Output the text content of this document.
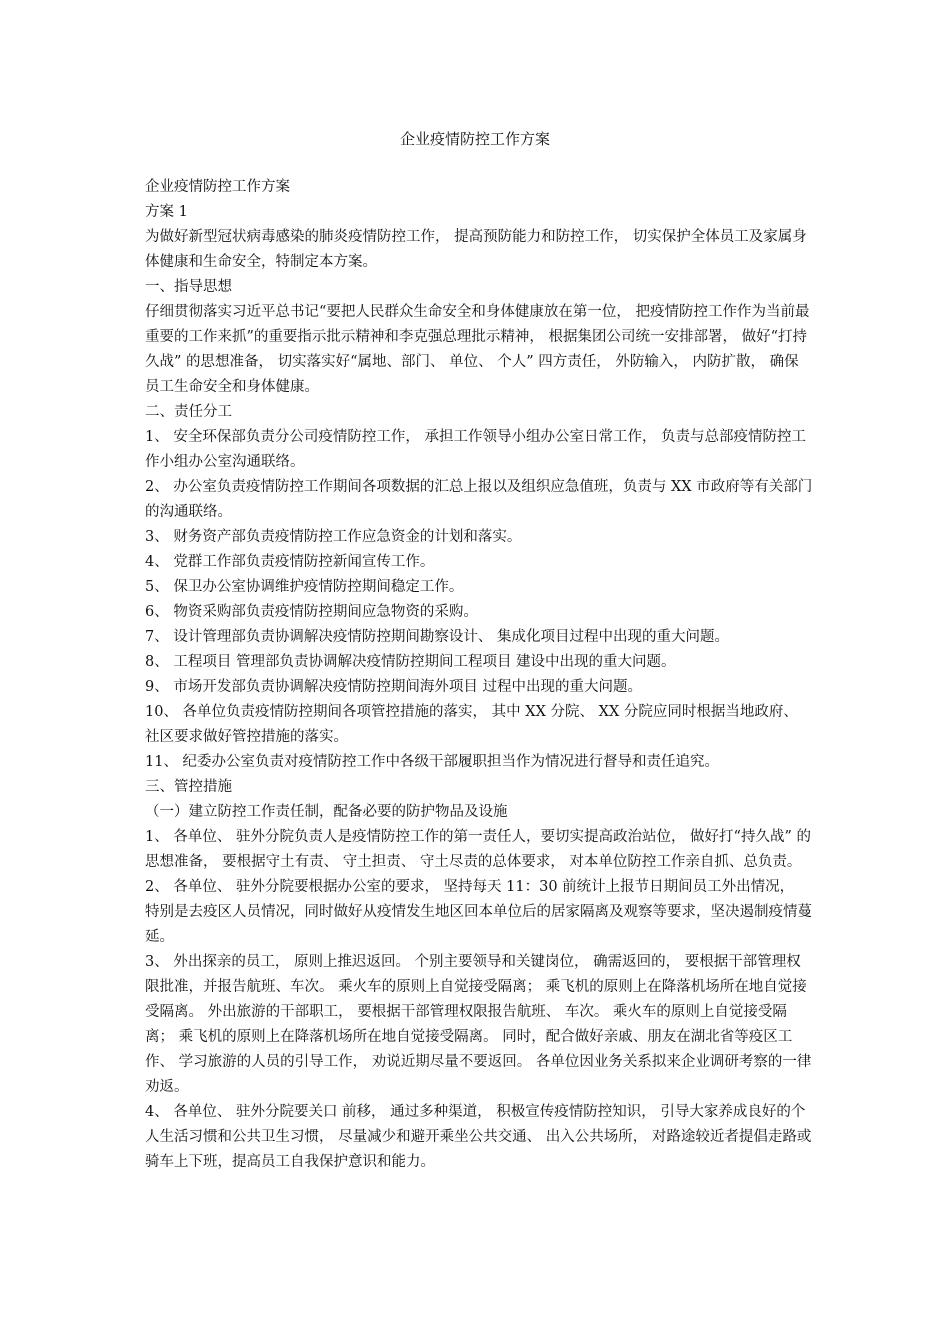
企业疫情防控工作方案

企业疫情防控工作方案

方案 1

为做好新型冠状病毒感染的肺炎疫情防控工作， 提高预防能力和防控工作， 切实保护全体员工及家属身体健康和生命安全，特制定本方案。

一、指导思想

仔细贯彻落实习近平总书记“要把人民群众生命安全和身体健康放在第一位， 把疫情防控工作作为当前最重要的工作来抓”的重要指示批示精神和李克强总理批示精神， 根据集团公司统一安排部署， 做好“打持久战” 的思想准备， 切实落实好“属地、部门、 单位、 个人” 四方责任， 外防输入， 内防扩散， 确保员工生命安全和身体健康。

二、责任分工

1、 安全环保部负责分公司疫情防控工作， 承担工作领导小组办公室日常工作， 负责与总部疫情防控工作小组办公室沟通联络。

2、 办公室负责疫情防控工作期间各项数据的汇总上报以及组织应急值班，负责与 XX 市政府等有关部门的沟通联络。

3、 财务资产部负责疫情防控工作应急资金的计划和落实。

4、 党群工作部负责疫情防控新闻宣传工作。

5、 保卫办公室协调维护疫情防控期间稳定工作。

6、 物资采购部负责疫情防控期间应急物资的采购。

7、 设计管理部负责协调解决疫情防控期间勘察设计、 集成化项目过程中出现的重大问题。

8、 工程项目 管理部负责协调解决疫情防控期间工程项目 建设中出现的重大问题。

9、 市场开发部负责协调解决疫情防控期间海外项目 过程中出现的重大问题。

10、 各单位负责疫情防控期间各项管控措施的落实， 其中 XX 分院、 XX 分院应同时根据当地政府、 社区要求做好管控措施的落实。

11、 纪委办公室负责对疫情防控工作中各级干部履职担当作为情况进行督导和责任追究。

三、管控措施

（一）建立防控工作责任制，配备必要的防护物品及设施

1、 各单位、 驻外分院负责人是疫情防控工作的第一责任人，要切实提高政治站位， 做好打“持久战” 的思想准备， 要根据守土有责、 守土担责、 守土尽责的总体要求， 对本单位防控工作亲自抓、总负责。

2、 各单位、 驻外分院要根据办公室的要求， 坚持每天 11：30 前统计上报节日期间员工外出情况， 特别是去疫区人员情况，同时做好从疫情发生地区回本单位后的居家隔离及观察等要求，坚决遏制疫情蔓延。

3、 外出探亲的员工， 原则上推迟返回。 个别主要领导和关键岗位， 确需返回的， 要根据干部管理权限批准，并报告航班、车次。 乘火车的原则上自觉接受隔离； 乘飞机的原则上在降落机场所在地自觉接受隔离。 外出旅游的干部职工， 要根据干部管理权限报告航班、 车次。 乘火车的原则上自觉接受隔离； 乘飞机的原则上在降落机场所在地自觉接受隔离。 同时，配合做好亲戚、朋友在湖北省等疫区工作、 学习旅游的人员的引导工作， 劝说近期尽量不要返回。 各单位因业务关系拟来企业调研考察的一律劝返。

4、 各单位、 驻外分院要关口 前移， 通过多种渠道， 积极宣传疫情防控知识， 引导大家养成良好的个人生活习惯和公共卫生习惯， 尽量减少和避开乘坐公共交通、 出入公共场所， 对路途较近者提倡走路或骑车上下班，提高员工自我保护意识和能力。
